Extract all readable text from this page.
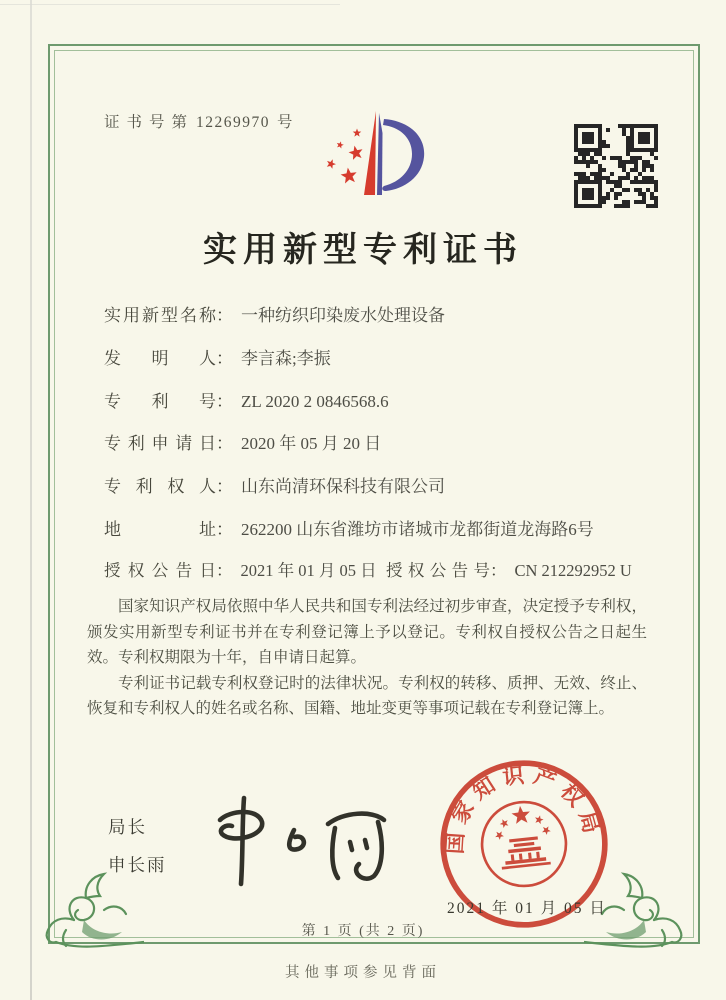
证书号第 12269970 号
实用新型专利证书
实用新型名称： 一种纺织印染废水处理设备
发明人： 李言森;李振
专利号： ZL 2020 2 0846568.6
专利申请日： 2020 年 05 月 20 日
专利权人： 山东尚清环保科技有限公司
地址： 262200 山东省潍坊市诸城市龙都街道龙海路6号
授权公告日： 2021 年 01 月 05 日 授权公告号： CN 212292952 U

国家知识产权局依照中华人民共和国专利法经过初步审查，决定授予专利权，颁发实用新型专利证书并在专利登记簿上予以登记。专利权自授权公告之日起生效。专利权期限为十年，自申请日起算。

专利证书记载专利权登记时的法律状况。专利权的转移、质押、无效、终止、恢复和专利权人的姓名或名称、国籍、地址变更等事项记载在专利登记簿上。

局长
申长雨
国家知识产权局
2021 年 01 月 05 日
第 1 页 (共 2 页)
其他事项参见背面
